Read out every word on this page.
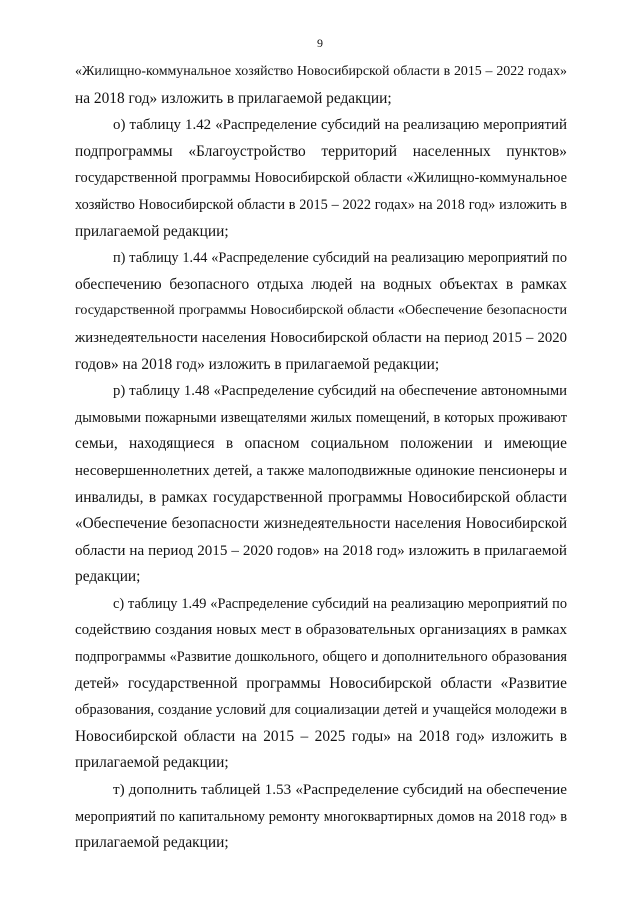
9
«Жилищно-коммунальное хозяйство Новосибирской области в 2015 – 2022 годах»
на 2018 год» изложить в прилагаемой редакции;
о) таблицу 1.42 «Распределение субсидий на реализацию мероприятий
подпрограммы «Благоустройство территорий населенных пунктов»
государственной программы Новосибирской области «Жилищно-коммунальное
хозяйство Новосибирской области в 2015 – 2022 годах» на 2018 год» изложить в
прилагаемой редакции;
п) таблицу 1.44 «Распределение субсидий на реализацию мероприятий по
обеспечению безопасного отдыха людей на водных объектах в рамках
государственной программы Новосибирской области «Обеспечение безопасности
жизнедеятельности населения Новосибирской области на период 2015 – 2020
годов» на 2018 год» изложить в прилагаемой редакции;
р) таблицу 1.48 «Распределение субсидий на обеспечение автономными
дымовыми пожарными извещателями жилых помещений, в которых проживают
семьи, находящиеся в опасном социальном положении и имеющие
несовершеннолетних детей, а также малоподвижные одинокие пенсионеры и
инвалиды, в рамках государственной программы Новосибирской области
«Обеспечение безопасности жизнедеятельности населения Новосибирской
области на период 2015 – 2020 годов» на 2018 год» изложить в прилагаемой
редакции;
с) таблицу 1.49 «Распределение субсидий на реализацию мероприятий по
содействию создания новых мест в образовательных организациях в рамках
подпрограммы «Развитие дошкольного, общего и дополнительного образования
детей» государственной программы Новосибирской области «Развитие
образования, создание условий для социализации детей и учащейся молодежи в
Новосибирской области на 2015 – 2025 годы» на 2018 год» изложить в
прилагаемой редакции;
т) дополнить таблицей 1.53 «Распределение субсидий на обеспечение
мероприятий по капитальному ремонту многоквартирных домов на 2018 год» в
прилагаемой редакции;
